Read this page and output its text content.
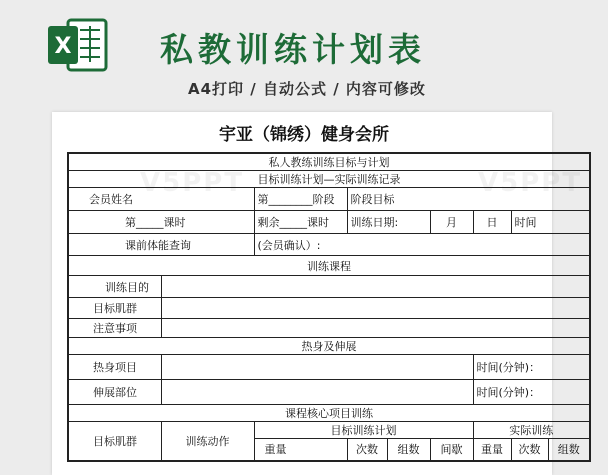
X	私教训练计划表
A4打印 / 自动公式 / 内容可修改
V5PPT	V5PPT
宇亚（锦绣）健身会所
私人教练训练目标与计划								
目标训练计划—实际训练记录								
会员姓名		第________阶段	阶段目标					
第_____课时		剩余_____课时	训练日期:		月	日	时间	
课前体能查询		(会员确认）:						
训练课程								
训练目的								
目标肌群								
注意事项								
热身及伸展								
热身项目						时间(分钟)：		
伸展部位						时间(分钟)：		
课程核心项目训练								
目标肌群	训练动作	目标训练计划				实际训练		
		重量	次数	组数	间歇	重量	次数	组数
